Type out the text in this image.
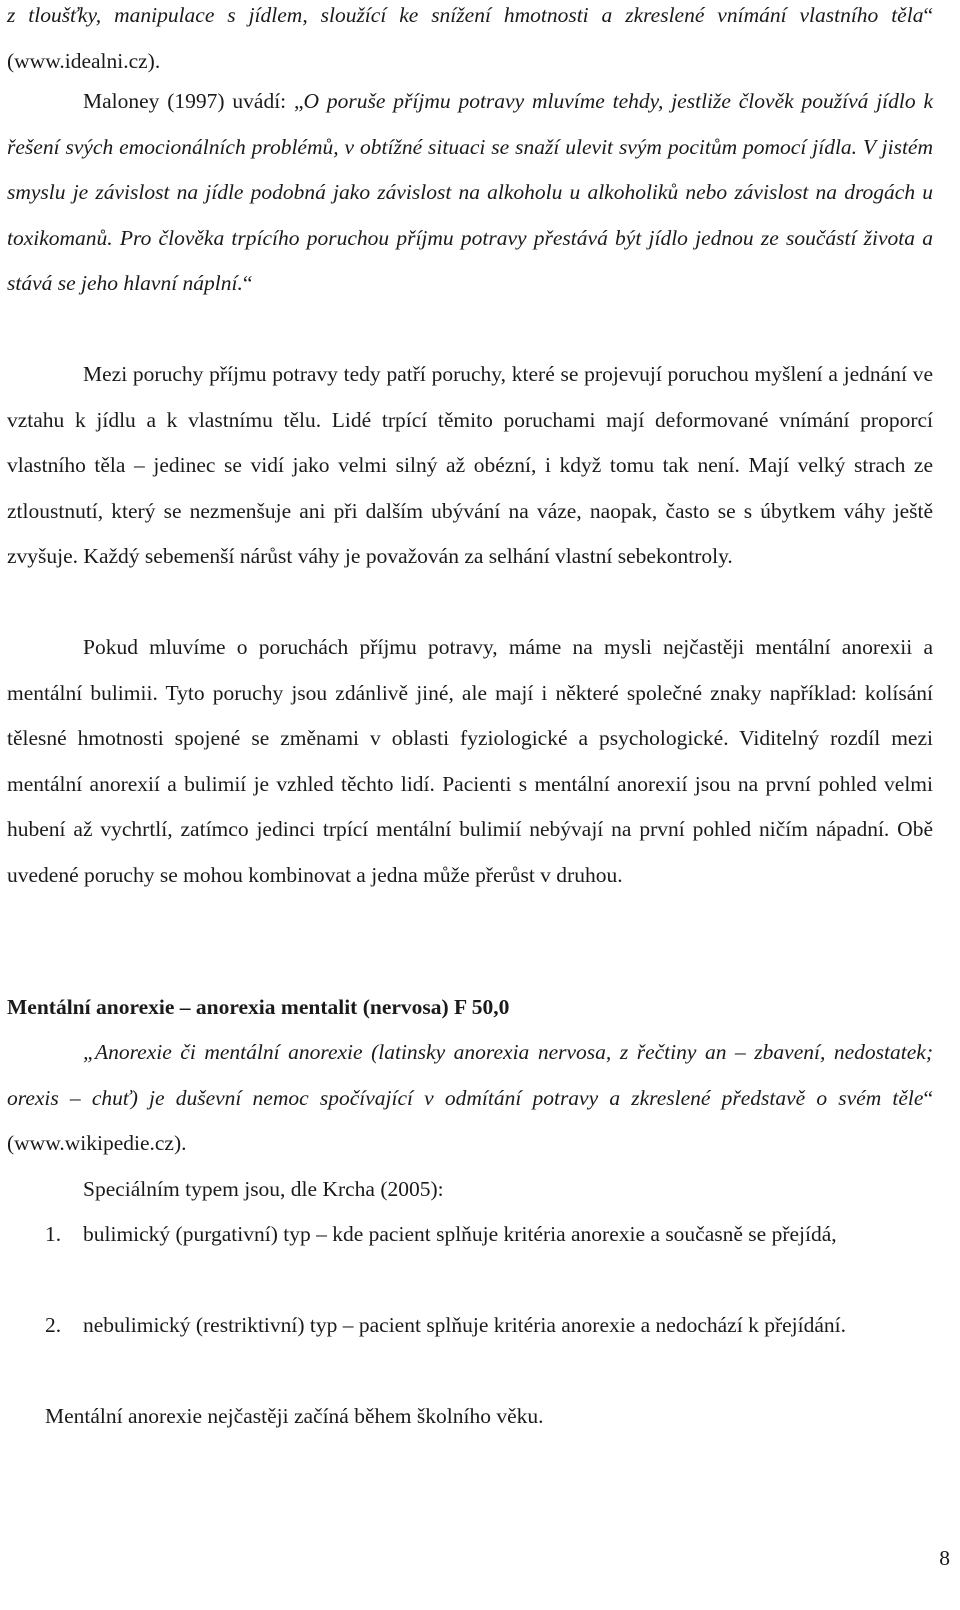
z tloušťky, manipulace s jídlem, sloužící ke snížení hmotnosti a zkreslené vnímání vlastního těla“ (www.idealni.cz).

Maloney (1997) uvádí: „O poruše příjmu potravy mluvíme tehdy, jestliže člověk používá jídlo k řešení svých emocionálních problémů, v obtížné situaci se snaží ulevit svým pocitům pomocí jídla. V jistém smyslu je závislost na jídle podobná jako závislost na alkoholu u alkoholiků nebo závislost na drogách u toxikomanů. Pro člověka trpícího poruchou příjmu potravy přestává být jídlo jednou ze součástí života a stává se jeho hlavní náplní.“

Mezi poruchy příjmu potravy tedy patří poruchy, které se projevují poruchou myšlení a jednání ve vztahu k jídlu a k vlastnímu tělu. Lidé trpící těmito poruchami mají deformované vnímání proporcí vlastního těla – jedinec se vidí jako velmi silný až obézní, i když tomu tak není. Mají velký strach ze ztloustnutí, který se nezmenšuje ani při dalším ubývání na váze, naopak, často se s úbytkem váhy ještě zvyšuje. Každý sebemenší nárůst váhy je považován za selhání vlastní sebekontroly.

Pokud mluvíme o poruchách příjmu potravy, máme na mysli nejčastěji mentální anorexii a mentální bulimii. Tyto poruchy jsou zdánlivě jiné, ale mají i některé společné znaky například: kolísání tělesné hmotnosti spojené se změnami v oblasti fyziologické a psychologické. Viditelný rozdíl mezi mentální anorexií a bulimií je vzhled těchto lidí. Pacienti s mentální anorexií jsou na první pohled velmi hubení až vychrtlí, zatímco jedinci trpící mentální bulimií nebývají na první pohled ničím nápadní. Obě uvedené poruchy se mohou kombinovat a jedna může přerůst v druhou.

Mentální anorexie – anorexia mentalit (nervosa) F 50,0

„Anorexie či mentální anorexie (latinsky anorexia nervosa, z řečtiny an – zbavení, nedostatek; orexis – chuť) je duševní nemoc spočívající v odmítání potravy a zkreslené představě o svém těle“ (www.wikipedie.cz).

Speciálním typem jsou, dle Krcha (2005):

1. bulimický (purgativní) typ – kde pacient splňuje kritéria anorexie a současně se přejídá,
2. nebulimický (restriktivní) typ – pacient splňuje kritéria anorexie a nedochází k přejídání.

Mentální anorexie nejčastěji začíná během školního věku.

8
